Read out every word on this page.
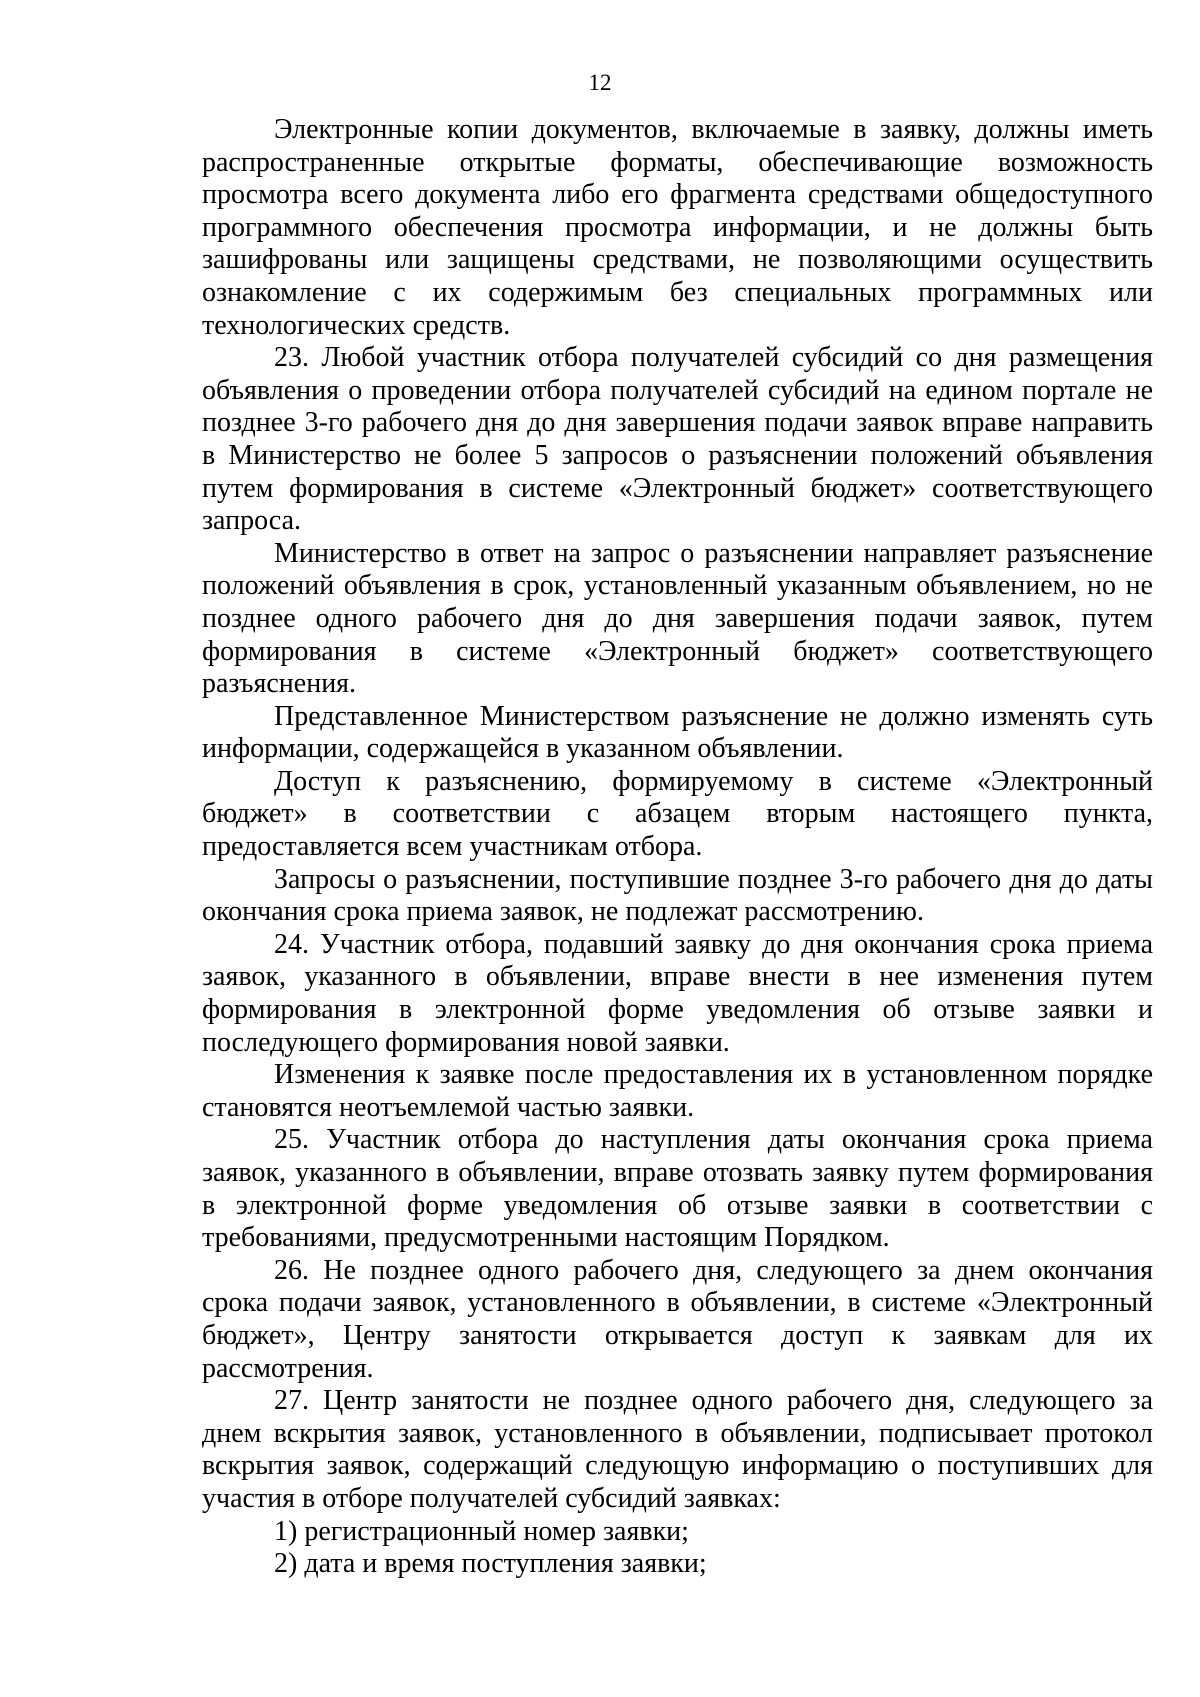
12

Электронные копии документов, включаемые в заявку, должны иметь распространенные открытые форматы, обеспечивающие возможность просмотра всего документа либо его фрагмента средствами общедоступного программного обеспечения просмотра информации, и не должны быть зашифрованы или защищены средствами, не позволяющими осуществить ознакомление с их содержимым без специальных программных или технологических средств.

23. Любой участник отбора получателей субсидий со дня размещения объявления о проведении отбора получателей субсидий на едином портале не позднее 3-го рабочего дня до дня завершения подачи заявок вправе направить в Министерство не более 5 запросов о разъяснении положений объявления путем формирования в системе «Электронный бюджет» соответствующего запроса.

Министерство в ответ на запрос о разъяснении направляет разъяснение положений объявления в срок, установленный указанным объявлением, но не позднее одного рабочего дня до дня завершения подачи заявок, путем формирования в системе «Электронный бюджет» соответствующего разъяснения.

Представленное Министерством разъяснение не должно изменять суть информации, содержащейся в указанном объявлении.

Доступ к разъяснению, формируемому в системе «Электронный бюджет» в соответствии с абзацем вторым настоящего пункта, предоставляется всем участникам отбора.

Запросы о разъяснении, поступившие позднее 3-го рабочего дня до даты окончания срока приема заявок, не подлежат рассмотрению.

24. Участник отбора, подавший заявку до дня окончания срока приема заявок, указанного в объявлении, вправе внести в нее изменения путем формирования в электронной форме уведомления об отзыве заявки и последующего формирования новой заявки.

Изменения к заявке после предоставления их в установленном порядке становятся неотъемлемой частью заявки.

25. Участник отбора до наступления даты окончания срока приема заявок, указанного в объявлении, вправе отозвать заявку путем формирования в электронной форме уведомления об отзыве заявки в соответствии с требованиями, предусмотренными настоящим Порядком.

26. Не позднее одного рабочего дня, следующего за днем окончания срока подачи заявок, установленного в объявлении, в системе «Электронный бюджет», Центру занятости открывается доступ к заявкам для их рассмотрения.

27. Центр занятости не позднее одного рабочего дня, следующего за днем вскрытия заявок, установленного в объявлении, подписывает протокол вскрытия заявок, содержащий следующую информацию о поступивших для участия в отборе получателей субсидий заявках:

1) регистрационный номер заявки;

2) дата и время поступления заявки;
